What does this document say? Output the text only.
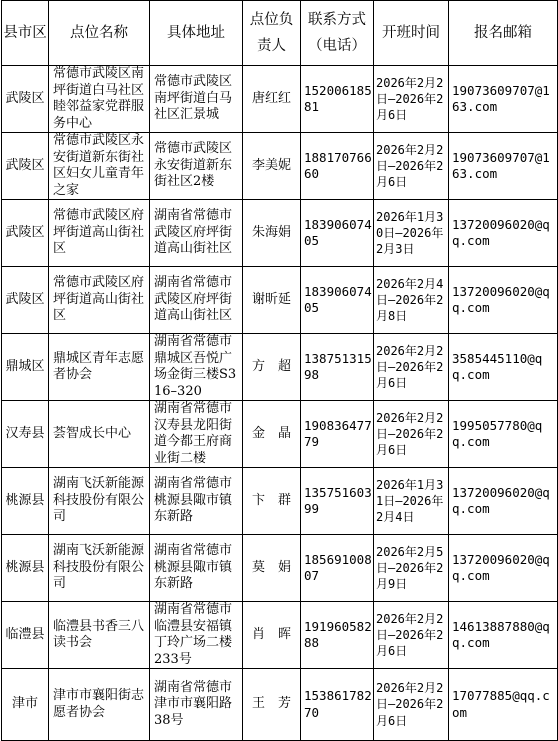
县市区	点位名称	具体地址	点位负责人	联系方式（电话）	开班时间	报名邮箱
武陵区	常德市武陵区南坪街道白马社区睦邻益家党群服务中心	常德市武陵区南坪街道白马社区汇景城	唐红红	15200618581	2026年2月2日–2026年2月6日	19073609707@163.com
武陵区	常德市武陵区永安街道新东街社区妇女儿童青年之家	常德市武陵区永安街道新东街社区2楼	李美妮	18817076660	2026年2月2日–2026年2月6日	19073609707@163.com
武陵区	常德市武陵区府坪街道高山街社区	湖南省常德市武陵区府坪街道高山街社区	朱海娟	18390607405	2026年1月30日–2026年2月3日	13720096020@qq.com
武陵区	常德市武陵区府坪街道高山街社区	湖南省常德市武陵区府坪街道高山街社区	谢昕延	18390607405	2026年2月4日–2026年2月8日	13720096020@qq.com
鼎城区	鼎城区青年志愿者协会	湖南省常德市鼎城区吾悦广场金街三楼S316–320	方　超	13875131598	2026年2月2日–2026年2月6日	3585445110@qq.com
汉寿县	荟智成长中心	湖南省常德市汉寿县龙阳街道今都王府商业街二楼	金　晶	19083647779	2026年2月2日–2026年2月6日	1995057780@qq.com
桃源县	湖南飞沃新能源科技股份有限公司	湖南省常德市桃源县陬市镇东新路	卞　群	13575160399	2026年1月31日–2026年2月4日	13720096020@qq.com
桃源县	湖南飞沃新能源科技股份有限公司	湖南省常德市桃源县陬市镇东新路	莫　娟	18569100807	2026年2月5日–2026年2月9日	13720096020@qq.com
临澧县	临澧县书香三八读书会	湖南省常德市临澧县安福镇丁玲广场二楼233号	肖　晖	19196058288	2026年2月2日–2026年2月6日	14613887880@qq.com
津市	津市市襄阳街志愿者协会	湖南省常德市津市市襄阳路38号	王　芳	15386178270	2026年2月2日–2026年2月6日	17077885@qq.com
